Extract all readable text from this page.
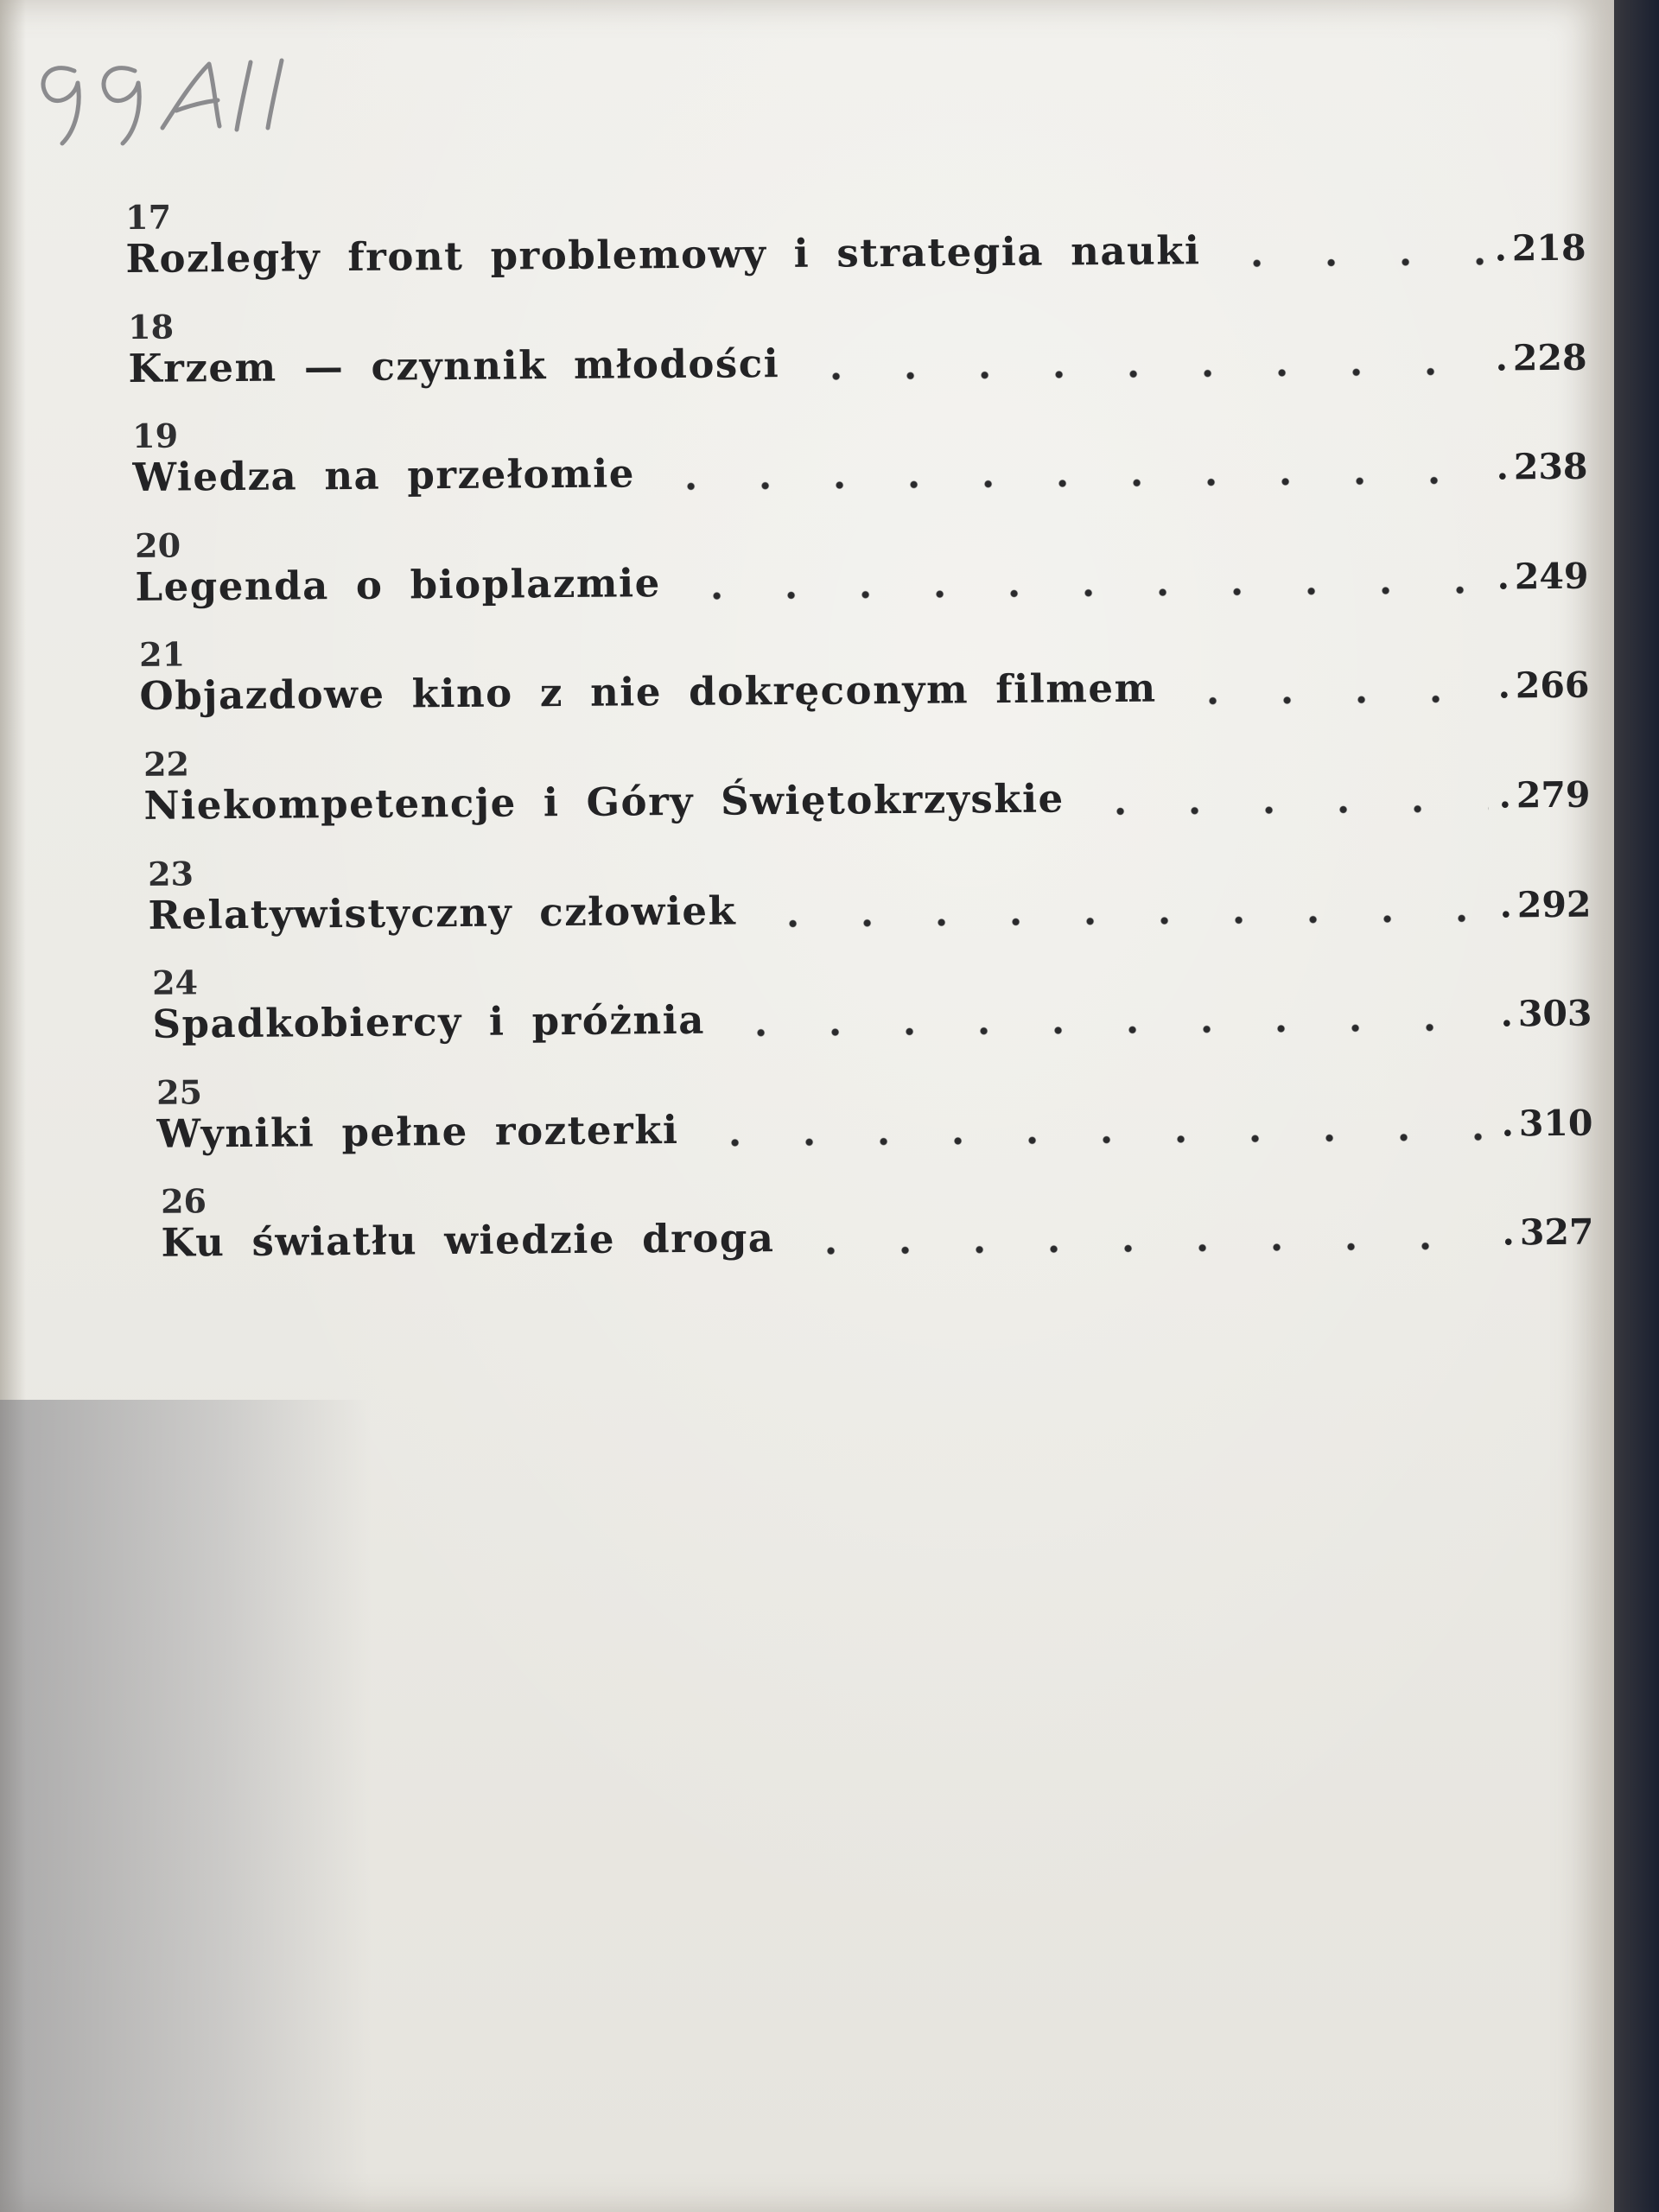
17
Rozległy front problemowy i strategia nauki	. 218
18
Krzem — czynnik młodości	. 228
19
Wiedza na przełomie	. 238
20
Legenda o bioplazmie	. 249
21
Objazdowe kino z nie dokręconym filmem	. 266
22
Niekompetencje i Góry Świętokrzyskie	. 279
23
Relatywistyczny człowiek	. 292
24
Spadkobiercy i próżnia	. 303
25
Wyniki pełne rozterki	. 310
26
Ku światłu wiedzie droga	. 327
